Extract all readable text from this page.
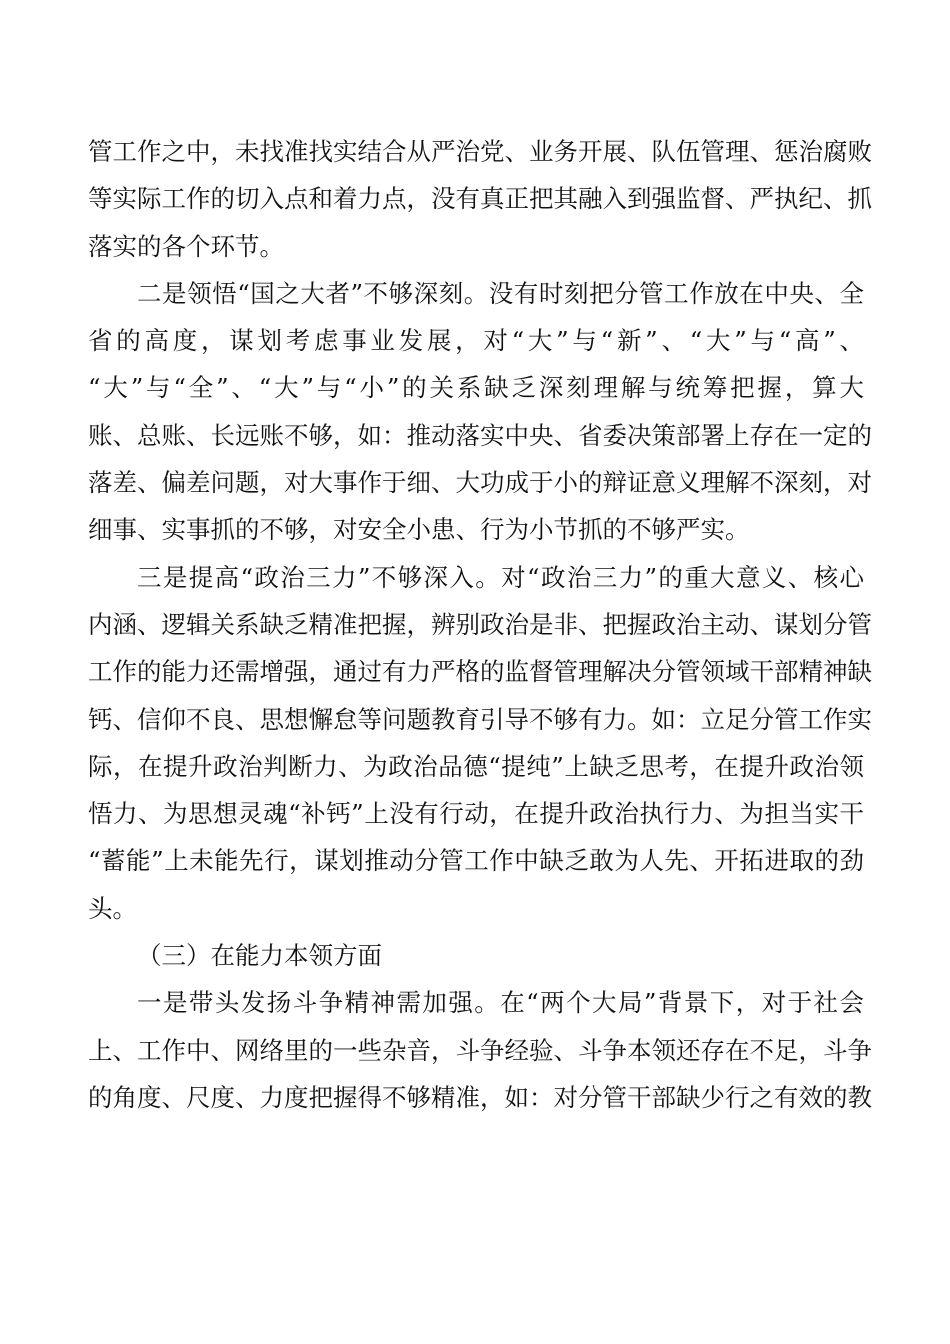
管工作之中，未找准找实结合从严治党、业务开展、队伍管理、惩治腐败
等实际工作的切入点和着力点，没有真正把其融入到强监督、严执纪、抓
落实的各个环节。
二是领悟“国之大者”不够深刻。没有时刻把分管工作放在中央、全
省的高度，谋划考虑事业发展，对“大”与“新”、“大”与“高”、
“大”与“全”、“大”与“小”的关系缺乏深刻理解与统筹把握，算大
账、总账、长远账不够，如：推动落实中央、省委决策部署上存在一定的
落差、偏差问题，对大事作于细、大功成于小的辩证意义理解不深刻，对
细事、实事抓的不够，对安全小患、行为小节抓的不够严实。
三是提高“政治三力”不够深入。对“政治三力”的重大意义、核心
内涵、逻辑关系缺乏精准把握，辨别政治是非、把握政治主动、谋划分管
工作的能力还需增强，通过有力严格的监督管理解决分管领域干部精神缺
钙、信仰不良、思想懈怠等问题教育引导不够有力。如：立足分管工作实
际，在提升政治判断力、为政治品德“提纯”上缺乏思考，在提升政治领
悟力、为思想灵魂“补钙”上没有行动，在提升政治执行力、为担当实干
“蓄能”上未能先行，谋划推动分管工作中缺乏敢为人先、开拓进取的劲
头。
（三）在能力本领方面
一是带头发扬斗争精神需加强。在“两个大局”背景下，对于社会
上、工作中、网络里的一些杂音，斗争经验、斗争本领还存在不足，斗争
的角度、尺度、力度把握得不够精准，如：对分管干部缺少行之有效的教
